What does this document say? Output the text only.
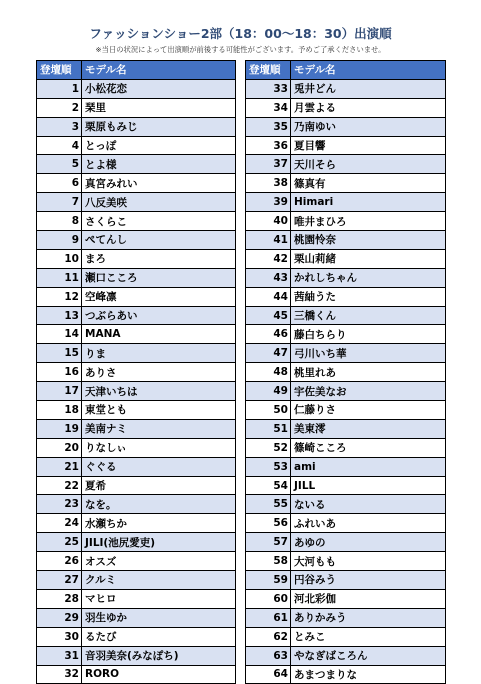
ファッションショー2部（18：00～18：30）出演順
※当日の状況によって出演順が前後する可能性がございます。予めご了承くださいませ。
登壇順	モデル名
1	小松花恋
2	琹里
3	栗原もみじ
4	とっぽ
5	とよ様
6	真宮みれい
7	八反美咲
8	さくらこ
9	ぺてんし
10	まろ
11	瀬口こころ
12	空峰凛
13	つぶらあい
14	MANA
15	りま
16	ありさ
17	天津いちは
18	東堂とも
19	美南ナミ
20	りなしぃ
21	ぐぐる
22	夏希
23	なを。
24	水瀬ちか
25	JILI(池尻愛吏)
26	オスズ
27	クルミ
28	マヒロ
29	羽生ゆか
30	るたび
31	音羽美奈(みなぽち)
32	RORO
登壇順	モデル名
33	兎井どん
34	月雲よる
35	乃南ゆい
36	夏目響
37	天川そら
38	篠真有
39	Himari
40	唯井まひろ
41	桃園怜奈
42	栗山莉緒
43	かれしちゃん
44	茜紬うた
45	三橋くん
46	藤白ちらり
47	弓川いち華
48	桃里れあ
49	宇佐美なお
50	仁藤りさ
51	美東澪
52	篠崎こころ
53	ami
54	JILL
55	ないる
56	ふれいあ
57	あゆの
58	大河もも
59	円谷みう
60	河北彩伽
61	ありかみう
62	とみこ
63	やなぎばころん
64	あまつまりな
